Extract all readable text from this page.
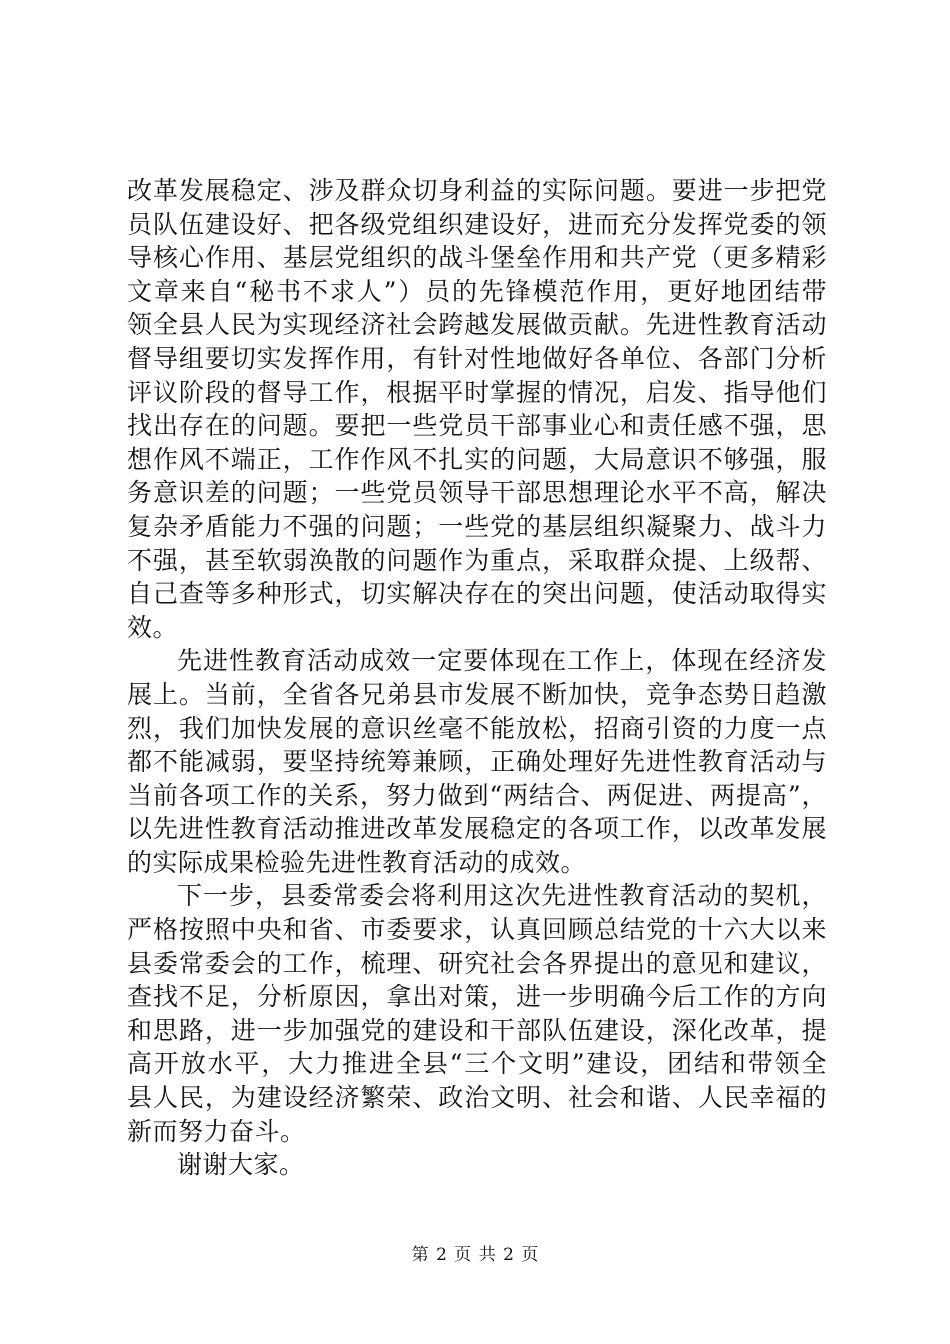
改革发展稳定、涉及群众切身利益的实际问题。要进一步把党
员队伍建设好、把各级党组织建设好，进而充分发挥党委的领
导核心作用、基层党组织的战斗堡垒作用和共产党（更多精彩
文章来自“秘书不求人”）员的先锋模范作用，更好地团结带
领全县人民为实现经济社会跨越发展做贡献。先进性教育活动
督导组要切实发挥作用，有针对性地做好各单位、各部门分析
评议阶段的督导工作，根据平时掌握的情况，启发、指导他们
找出存在的问题。要把一些党员干部事业心和责任感不强，思
想作风不端正，工作作风不扎实的问题，大局意识不够强，服
务意识差的问题；一些党员领导干部思想理论水平不高，解决
复杂矛盾能力不强的问题；一些党的基层组织凝聚力、战斗力
不强，甚至软弱涣散的问题作为重点，采取群众提、上级帮、
自己查等多种形式，切实解决存在的突出问题，使活动取得实
效。
先进性教育活动成效一定要体现在工作上，体现在经济发
展上。当前，全省各兄弟县市发展不断加快，竞争态势日趋激
烈，我们加快发展的意识丝毫不能放松，招商引资的力度一点
都不能减弱，要坚持统筹兼顾，正确处理好先进性教育活动与
当前各项工作的关系，努力做到“两结合、两促进、两提高”，
以先进性教育活动推进改革发展稳定的各项工作，以改革发展
的实际成果检验先进性教育活动的成效。
下一步，县委常委会将利用这次先进性教育活动的契机，
严格按照中央和省、市委要求，认真回顾总结党的十六大以来
县委常委会的工作，梳理、研究社会各界提出的意见和建议，
查找不足，分析原因，拿出对策，进一步明确今后工作的方向
和思路，进一步加强党的建设和干部队伍建设，深化改革，提
高开放水平，大力推进全县“三个文明”建设，团结和带领全
县人民，为建设经济繁荣、政治文明、社会和谐、人民幸福的
新而努力奋斗。
谢谢大家。
第 2 页 共 2 页
